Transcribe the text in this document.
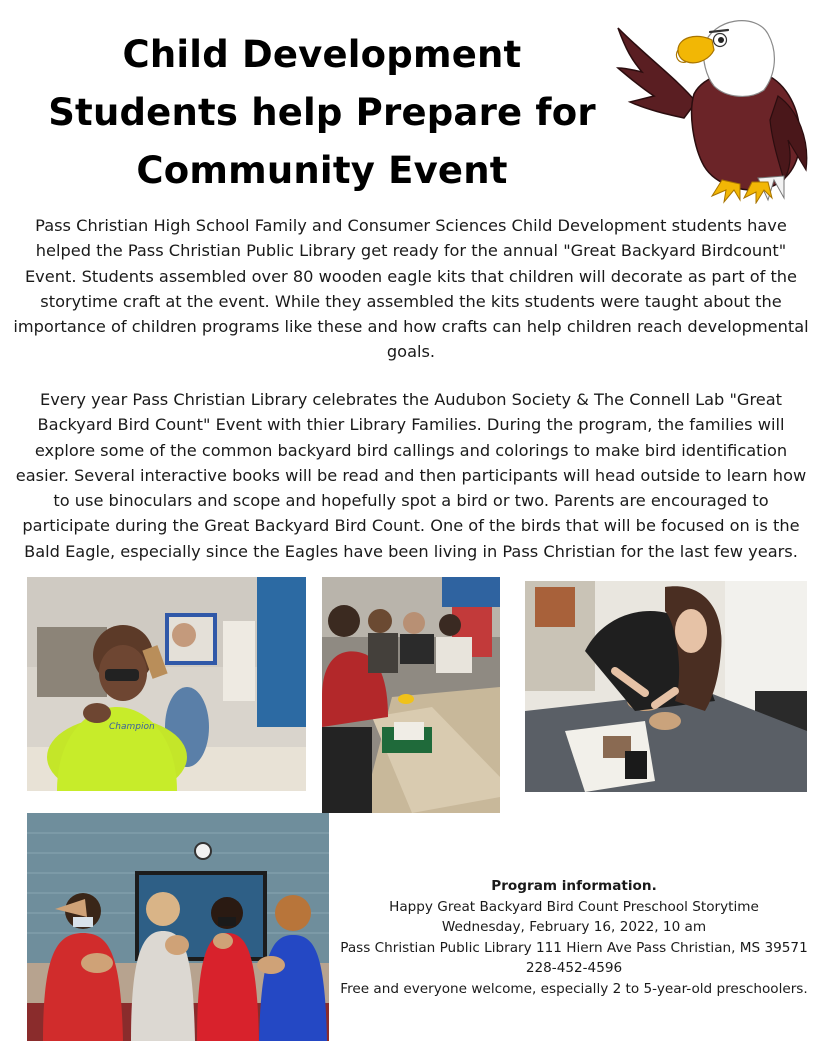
Child Development
Students help Prepare for
Community Event

Pass Christian High School Family and Consumer Sciences Child Development students have helped the Pass Christian Public Library get ready for the annual "Great Backyard Birdcount" Event. Students assembled over 80 wooden eagle kits that children will decorate as part of the storytime craft at the event. While they assembled the kits students were taught about the importance of children programs like these and how crafts can help children reach developmental goals.

Every year Pass Christian Library celebrates the Audubon Society & The Connell Lab "Great Backyard Bird Count" Event with thier Library Families. During the program, the families will explore some of the common backyard bird callings and colorings to make bird identification easier. Several interactive books will be read and then participants will head outside to learn how to use binoculars and scope and hopefully spot a bird or two. Parents are encouraged to participate during the Great Backyard Bird Count. One of the birds that will be focused on is the Bald Eagle, especially since the Eagles have been living in Pass Christian for the last few years.

Champion
Program information.
Happy Great Backyard Bird Count Preschool Storytime
Wednesday, February 16, 2022, 10 am
Pass Christian Public Library 111 Hiern Ave Pass Christian, MS 39571
228-452-4596
Free and everyone welcome, especially 2 to 5-year-old preschoolers.
